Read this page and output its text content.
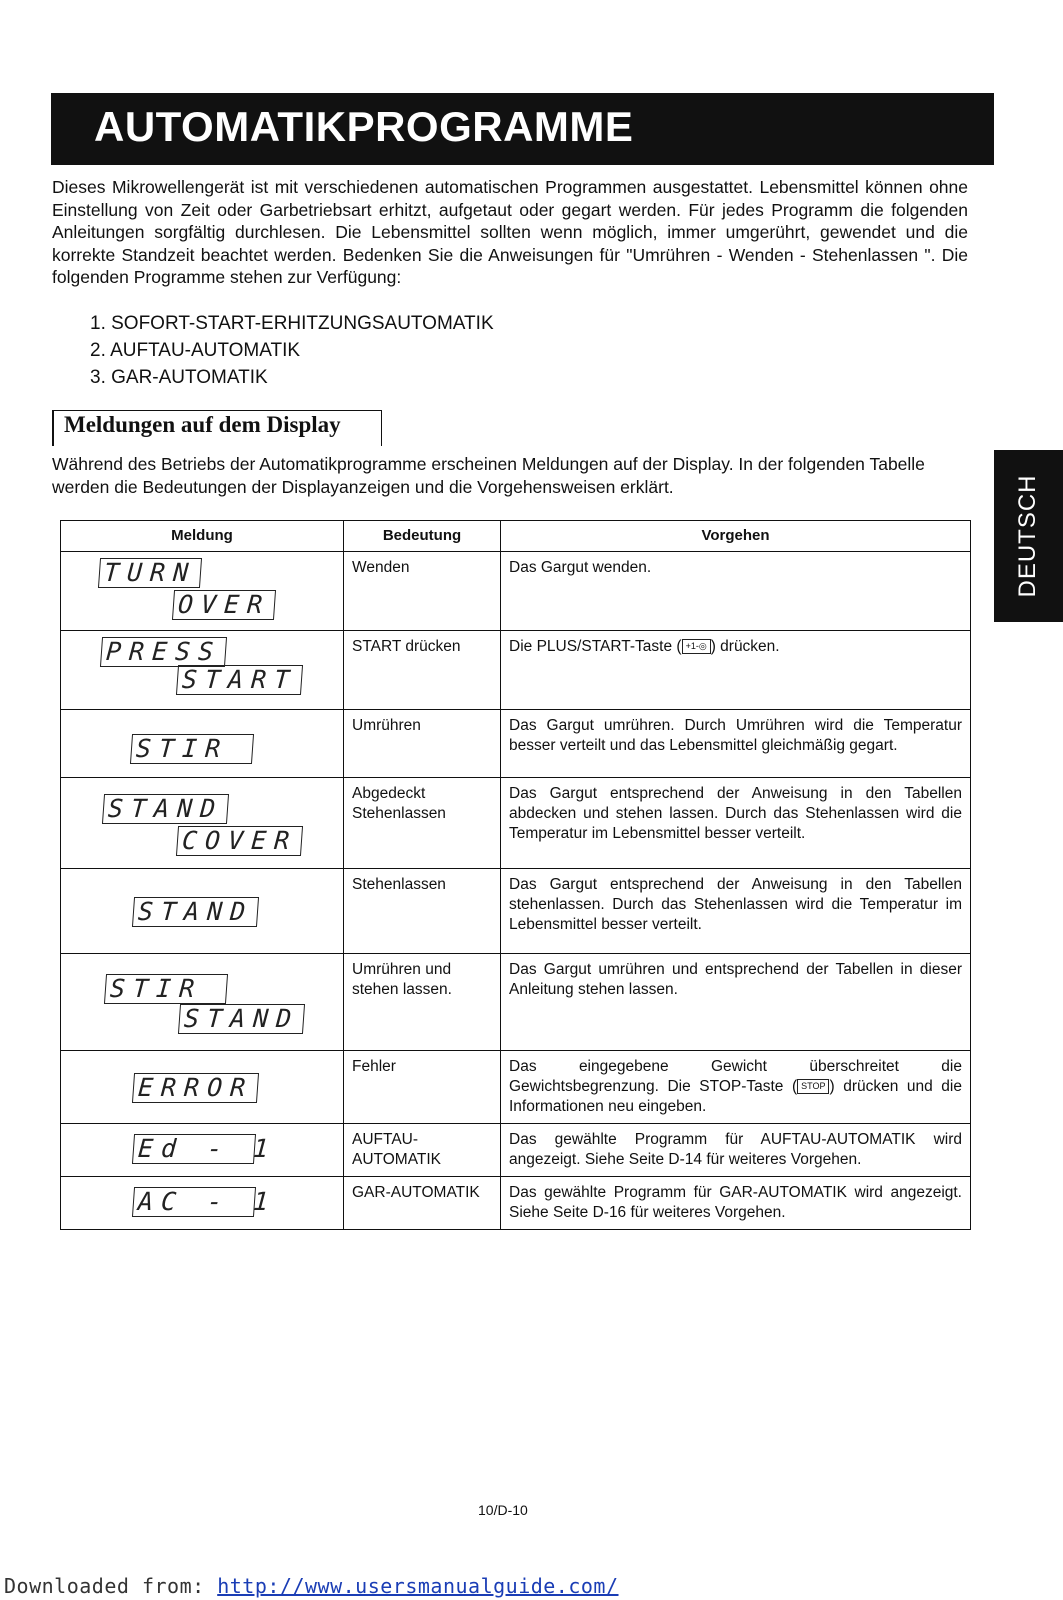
AUTOMATIKPROGRAMME

Dieses Mikrowellengerät ist mit verschiedenen automatischen Programmen ausgestattet. Lebensmittel können ohne Einstellung von Zeit oder Garbetriebsart erhitzt, aufgetaut oder gegart werden. Für jedes Programm die folgenden Anleitungen sorgfältig durchlesen. Die Lebensmittel sollten wenn möglich, immer umgerührt, gewendet und die korrekte Standzeit beachtet werden. Bedenken Sie die Anweisungen für "Umrühren - Wenden - Stehenlassen ". Die folgenden Programme stehen zur Verfügung:

1. SOFORT-START-ERHITZUNGSAUTOMATIK
2. AUFTAU-AUTOMATIK
3. GAR-AUTOMATIK
Meldungen auf dem Display

Während des Betriebs der Automatikprogramme erscheinen Meldungen auf der Display. In der folgenden Tabelle werden die Bedeutungen der Displayanzeigen und die Vorgehensweisen erklärt.

Meldung	Bedeutung	Vorgehen

TURN
OVER	Wenden	Das Gargut wenden.

PRESS
START	START drücken	Die PLUS/START-Taste ( +1-◎ ) drücken.

STIR	Umrühren	Das Gargut umrühren. Durch Umrühren wird die Temperatur besser verteilt und das Lebensmittel gleichmäßig gegart.

STAND
COVER	Abgedeckt Stehenlassen	Das Gargut entsprechend der Anweisung in den Tabellen abdecken und stehen lassen. Durch das Stehenlassen wird die Temperatur im Lebensmittel besser verteilt.

STAND	Stehenlassen	Das Gargut entsprechend der Anweisung in den Tabellen stehenlassen. Durch das Stehenlassen wird die Temperatur im Lebensmittel besser verteilt.

STIR
STAND	Umrühren und stehen lassen.	Das Gargut umrühren und entsprechend der Tabellen in dieser Anleitung stehen lassen.

ERROR	Fehler	Das eingegebene Gewicht überschreitet die Gewichtsbegrenzung. Die STOP-Taste ( STOP ) drücken und die Informationen neu eingeben.

Ed - 1	AUFTAU-AUTOMATIK	Das gewählte Programm für AUFTAU-AUTOMATIK wird angezeigt. Siehe Seite D-14 für weiteres Vorgehen.

AC - 1	GAR-AUTOMATIK	Das gewählte Programm für GAR-AUTOMATIK wird angezeigt. Siehe Seite D-16 für weiteres Vorgehen.
DEUTSCH
10/D-10
Downloaded from: http://www.usersmanualguide.com/
